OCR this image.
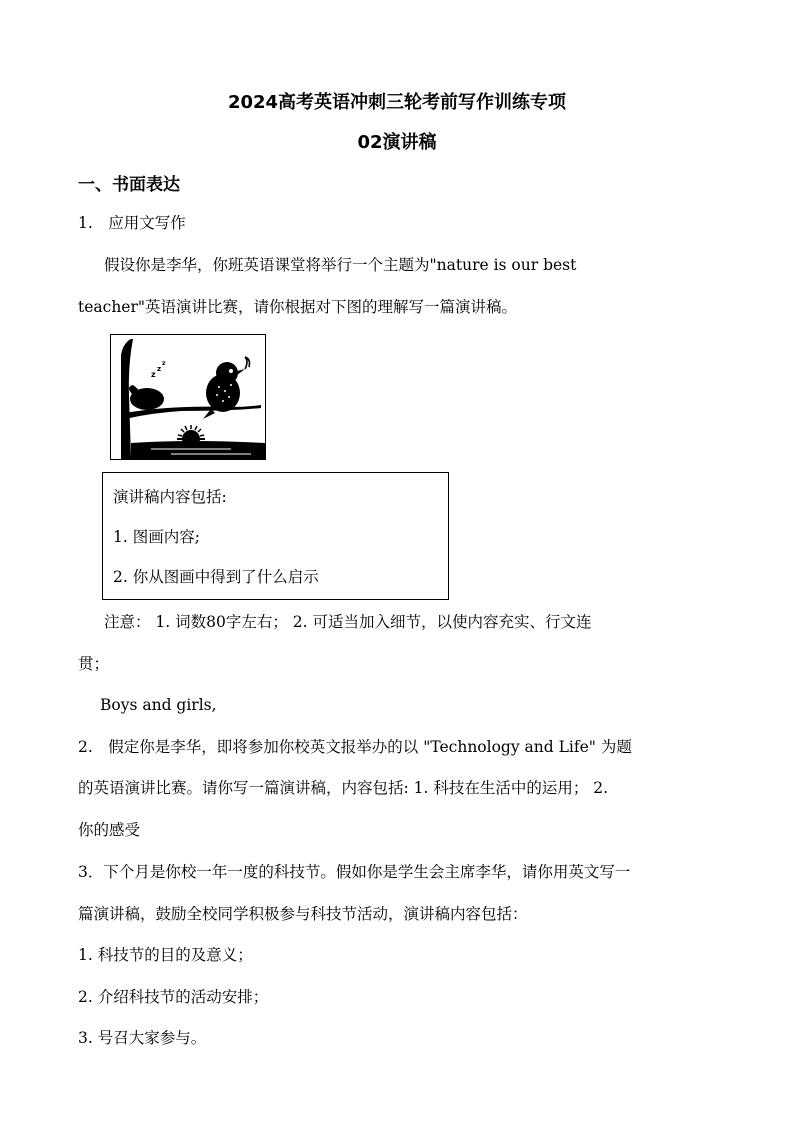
2024高考英语冲刺三轮考前写作训练专项
02演讲稿
一、书面表达
1.　应用文写作
假设你是李华，你班英语课堂将举行一个主题为"nature is our best
teacher"英语演讲比赛，请你根据对下图的理解写一篇演讲稿。
z
z
z
演讲稿内容包括:
1. 图画内容;
2. 你从图画中得到了什么启示
注意： 1. 词数80字左右； 2. 可适当加入细节，以使内容充实、行文连
贯；
Boys and girls,
2.　假定你是李华，即将参加你校英文报举办的以 "Technology and Life" 为题
的英语演讲比赛。请你写一篇演讲稿，内容包括: 1. 科技在生活中的运用； 2.
你的感受
3．下个月是你校一年一度的科技节。假如你是学生会主席李华，请你用英文写一
篇演讲稿，鼓励全校同学积极参与科技节活动，演讲稿内容包括：
1. 科技节的目的及意义；
2. 介绍科技节的活动安排；
3. 号召大家参与。
